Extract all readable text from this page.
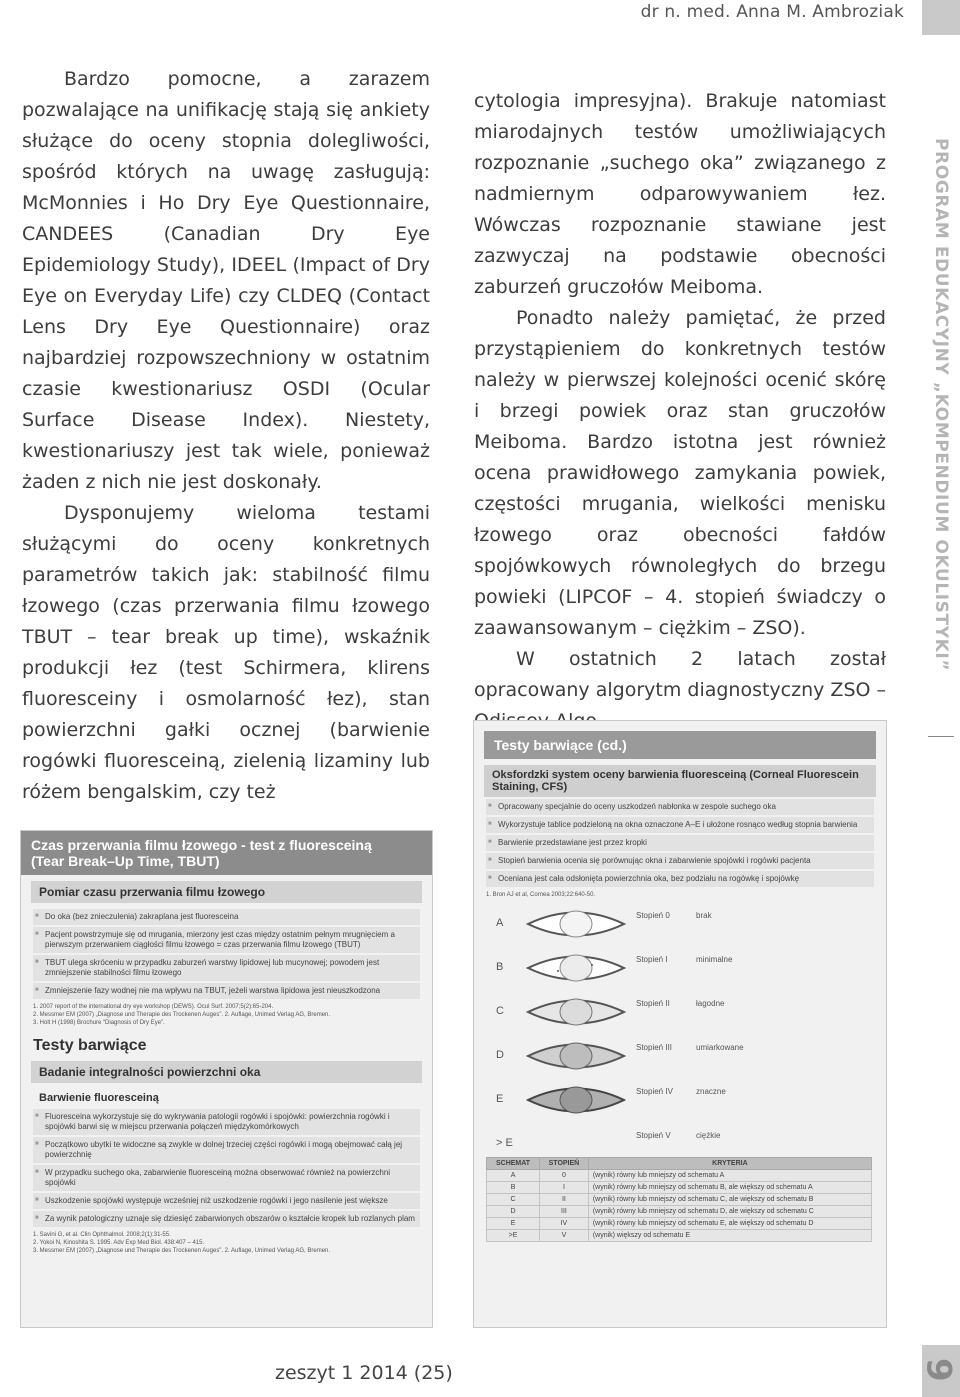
dr n. med. Anna M. Ambroziak
PROGRAM EDUKACYJNY „KOMPENDIUM OKULISTYKI”
9

Bardzo pomocne, a zarazem pozwalające na unifikację stają się ankiety służące do oceny stopnia dolegliwości, spośród których na uwagę zasługują: McMonnies i Ho Dry Eye Questionnaire, CANDEES (Canadian Dry Eye Epidemiology Study), IDEEL (Impact of Dry Eye on Everyday Life) czy CLDEQ (Contact Lens Dry Eye Questionnaire) oraz najbardziej rozpowszechniony w ostatnim czasie kwestionariusz OSDI (Ocular Surface Disease Index). Niestety, kwestionariuszy jest tak wiele, ponieważ żaden z nich nie jest doskonały.

Dysponujemy wieloma testami służącymi do oceny konkretnych parametrów takich jak: stabilność filmu łzowego (czas przerwania filmu łzowego TBUT – tear break up time), wskaźnik produkcji łez (test Schirmera, klirens fluoresceiny i osmolarność łez), stan powierzchni gałki ocznej (barwienie rogówki fluoresceiną, zielenią lizaminy lub różem bengalskim, czy też

cytologia impresyjna). Brakuje natomiast miarodajnych testów umożliwiających rozpoznanie „suchego oka” związanego z nadmiernym odparowywaniem łez. Wówczas rozpoznanie stawiane jest zazwyczaj na podstawie obecności zaburzeń gruczołów Meiboma.

Ponadto należy pamiętać, że przed przystąpieniem do konkretnych testów należy w pierwszej kolejności ocenić skórę i brzegi powiek oraz stan gruczołów Meiboma. Bardzo istotna jest również ocena prawidłowego zamykania powiek, częstości mrugania, wielkości menisku łzowego oraz obecności fałdów spojówkowych równoległych do brzegu powieki (LIPCOF – 4. stopień świadczy o zaawansowanym – ciężkim – ZSO).

W ostatnich 2 latach został opracowany algorytm diagnostyczny ZSO –

Czas przerwania filmu łzowego - test z fluoresceiną
(Tear Break–Up Time, TBUT)
Pomiar czasu przerwania filmu łzowego
■ Do oka (bez znieczulenia) zakraplana jest fluoresceina
■ Pacjent powstrzymuje się od mrugania, mierzony jest czas między ostatnim pełnym mrugnięciem a pierwszym przerwaniem ciągłości filmu łzowego = czas przerwania filmu łzowego (TBUT)
■ TBUT ulega skróceniu w przypadku zaburzeń warstwy lipidowej lub mucynowej; powodem jest zmniejszenie stabilności filmu łzowego
■ Zmniejszenie fazy wodnej nie ma wpływu na TBUT, jeżeli warstwa lipidowa jest nieuszkodzona
1. 2007 report of the international dry eye workshop (DEWS). Ocul Surf. 2007;5(2):65-204.
2. Messmer EM (2007) „Diagnose und Therapie des Trockenen Auges”. 2. Auflage, Unimed Verlag AG, Bremen.
3. Holt H (1998) Brochure “Diagnosis of Dry Eye”.
Testy barwiące
Badanie integralności powierzchni oka
Barwienie fluoresceiną
■ Fluoresceina wykorzystuje się do wykrywania patologii rogówki i spojówki: powierzchnia rogówki i spojówki barwi się w miejscu przerwania połączeń międzykomórkowych
■ Początkowo ubytki te widoczne są zwykle w dolnej trzeciej części rogówki i mogą obejmować całą jej powierzchnię
■ W przypadku suchego oka, zabarwienie fluoresceiną można obserwować również na powierzchni spojówki
■ Uszkodzenie spojówki występuje wcześniej niż uszkodzenie rogówki i jego nasilenie jest większe
■ Za wynik patologiczny uznaje się dziesięć zabarwionych obszarów o kształcie kropek lub rozlanych plam
1. Savini G, et al. Clin Ophthalmol. 2008;2(1):31-55.
2. Yokoi N, Kinoshita S. 1995. Adv Exp Med Biol. 438:407 – 415.
3. Messmer EM (2007) „Diagnose und Therapie des Trockenen Auges”. 2. Auflage, Unimed Verlag AG, Bremen.
Testy barwiące (cd.)
Oksfordzki system oceny barwienia fluoresceiną (Corneal Fluorescein Staining, CFS)
■ Opracowany specjalnie do oceny uszkodzeń nabłonka w zespole suchego oka
■ Wykorzystuje tablice podzieloną na okna oznaczone A–E i ułożone rosnąco według stopnia barwienia
■ Barwienie przedstawiane jest przez kropki
■ Stopień barwienia ocenia się porównując okna i zabarwienie spojówki i rogówki pacjenta
■ Oceniana jest cała odsłonięta powierzchnia oka, bez podziału na rogówkę i spojówkę
1. Bron AJ et al, Cornea 2003;22:640-50.
A
Stopień 0	brak
B
Stopień I	minimalne
C
Stopień II	łagodne
D
Stopień III	umiarkowane
E
Stopień IV	znaczne
> E
Stopień V	ciężkie
SCHEMAT	STOPIEŃ	KRYTERIA
A	0	(wynik) równy lub mniejszy od schematu A
B	I	(wynik) równy lub mniejszy od schematu B, ale większy od schematu A
C	II	(wynik) równy lub mniejszy od schematu C, ale większy od schematu B
D	III	(wynik) równy lub mniejszy od schematu D, ale większy od schematu C
E	IV	(wynik) równy lub mniejszy od schematu E, ale większy od schematu D
>E	V	(wynik) większy od schematu E
zeszyt 1 2014 (25)
